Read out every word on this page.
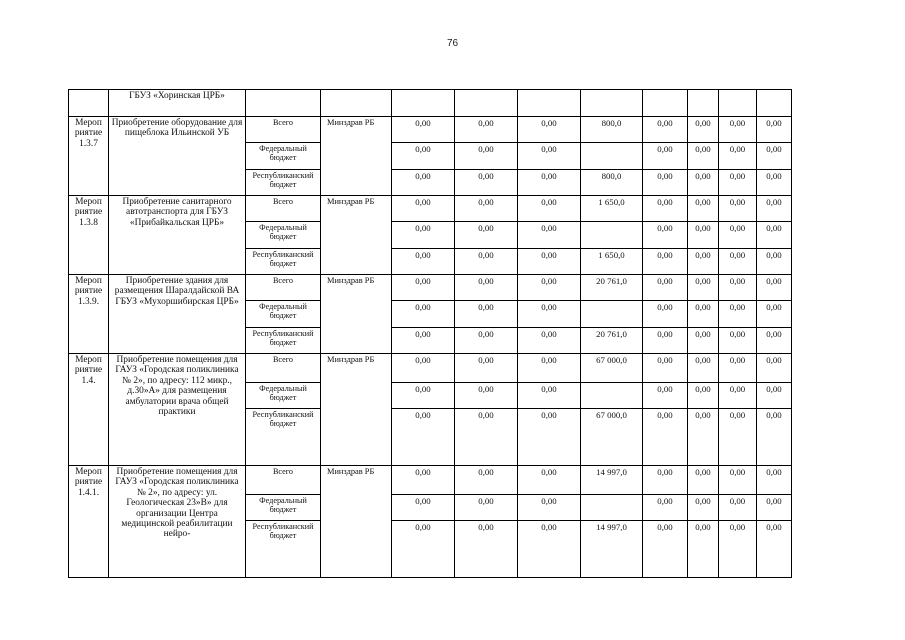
76
	ГБУЗ «Хоринская ЦРБ»										
Мероп риятие 1.3.7	Приобретение оборудование для пищеблока Ильинской УБ	Всего	Минздрав РБ	0,00	0,00	0,00	800,0	0,00	0,00	0,00	0,00
		Федеральный бюджет		0,00	0,00	0,00		0,00	0,00	0,00	0,00
		Республиканский бюджет		0,00	0,00	0,00	800,0	0,00	0,00	0,00	0,00
Мероп риятие 1.3.8	Приобретение санитарного автотранспорта для ГБУЗ «Прибайкальская ЦРБ»	Всего	Минздрав РБ	0,00	0,00	0,00	1 650,0	0,00	0,00	0,00	0,00
		Федеральный бюджет		0,00	0,00	0,00		0,00	0,00	0,00	0,00
		Республиканский бюджет		0,00	0,00	0,00	1 650,0	0,00	0,00	0,00	0,00
Мероп риятие 1.3.9.	Приобретение здания для размещения Шаралдайской ВА ГБУЗ «Мухоршибирская ЦРБ»	Всего	Минздрав РБ	0,00	0,00	0,00	20 761,0	0,00	0,00	0,00	0,00
		Федеральный бюджет		0,00	0,00	0,00		0,00	0,00	0,00	0,00
		Республиканский бюджет		0,00	0,00	0,00	20 761,0	0,00	0,00	0,00	0,00
Мероп риятие 1.4.	Приобретение помещения для ГАУЗ «Городская поликлиника № 2», по адресу: 112 микр., д.30»А» для размещения амбулатории врача общей практики	Всего	Минздрав РБ	0,00	0,00	0,00	67 000,0	0,00	0,00	0,00	0,00
		Федеральный бюджет		0,00	0,00	0,00		0,00	0,00	0,00	0,00
		Республиканский бюджет		0,00	0,00	0,00	67 000,0	0,00	0,00	0,00	0,00
Мероп риятие 1.4.1.	Приобретение помещения для ГАУЗ «Городская поликлиника № 2», по адресу: ул. Геологическая 23»В» для организации Центра медицинской реабилитации нейро-	Всего	Минздрав РБ	0,00	0,00	0,00	14 997,0	0,00	0,00	0,00	0,00
		Федеральный бюджет		0,00	0,00	0,00		0,00	0,00	0,00	0,00
		Республиканский бюджет		0,00	0,00	0,00	14 997,0	0,00	0,00	0,00	0,00
